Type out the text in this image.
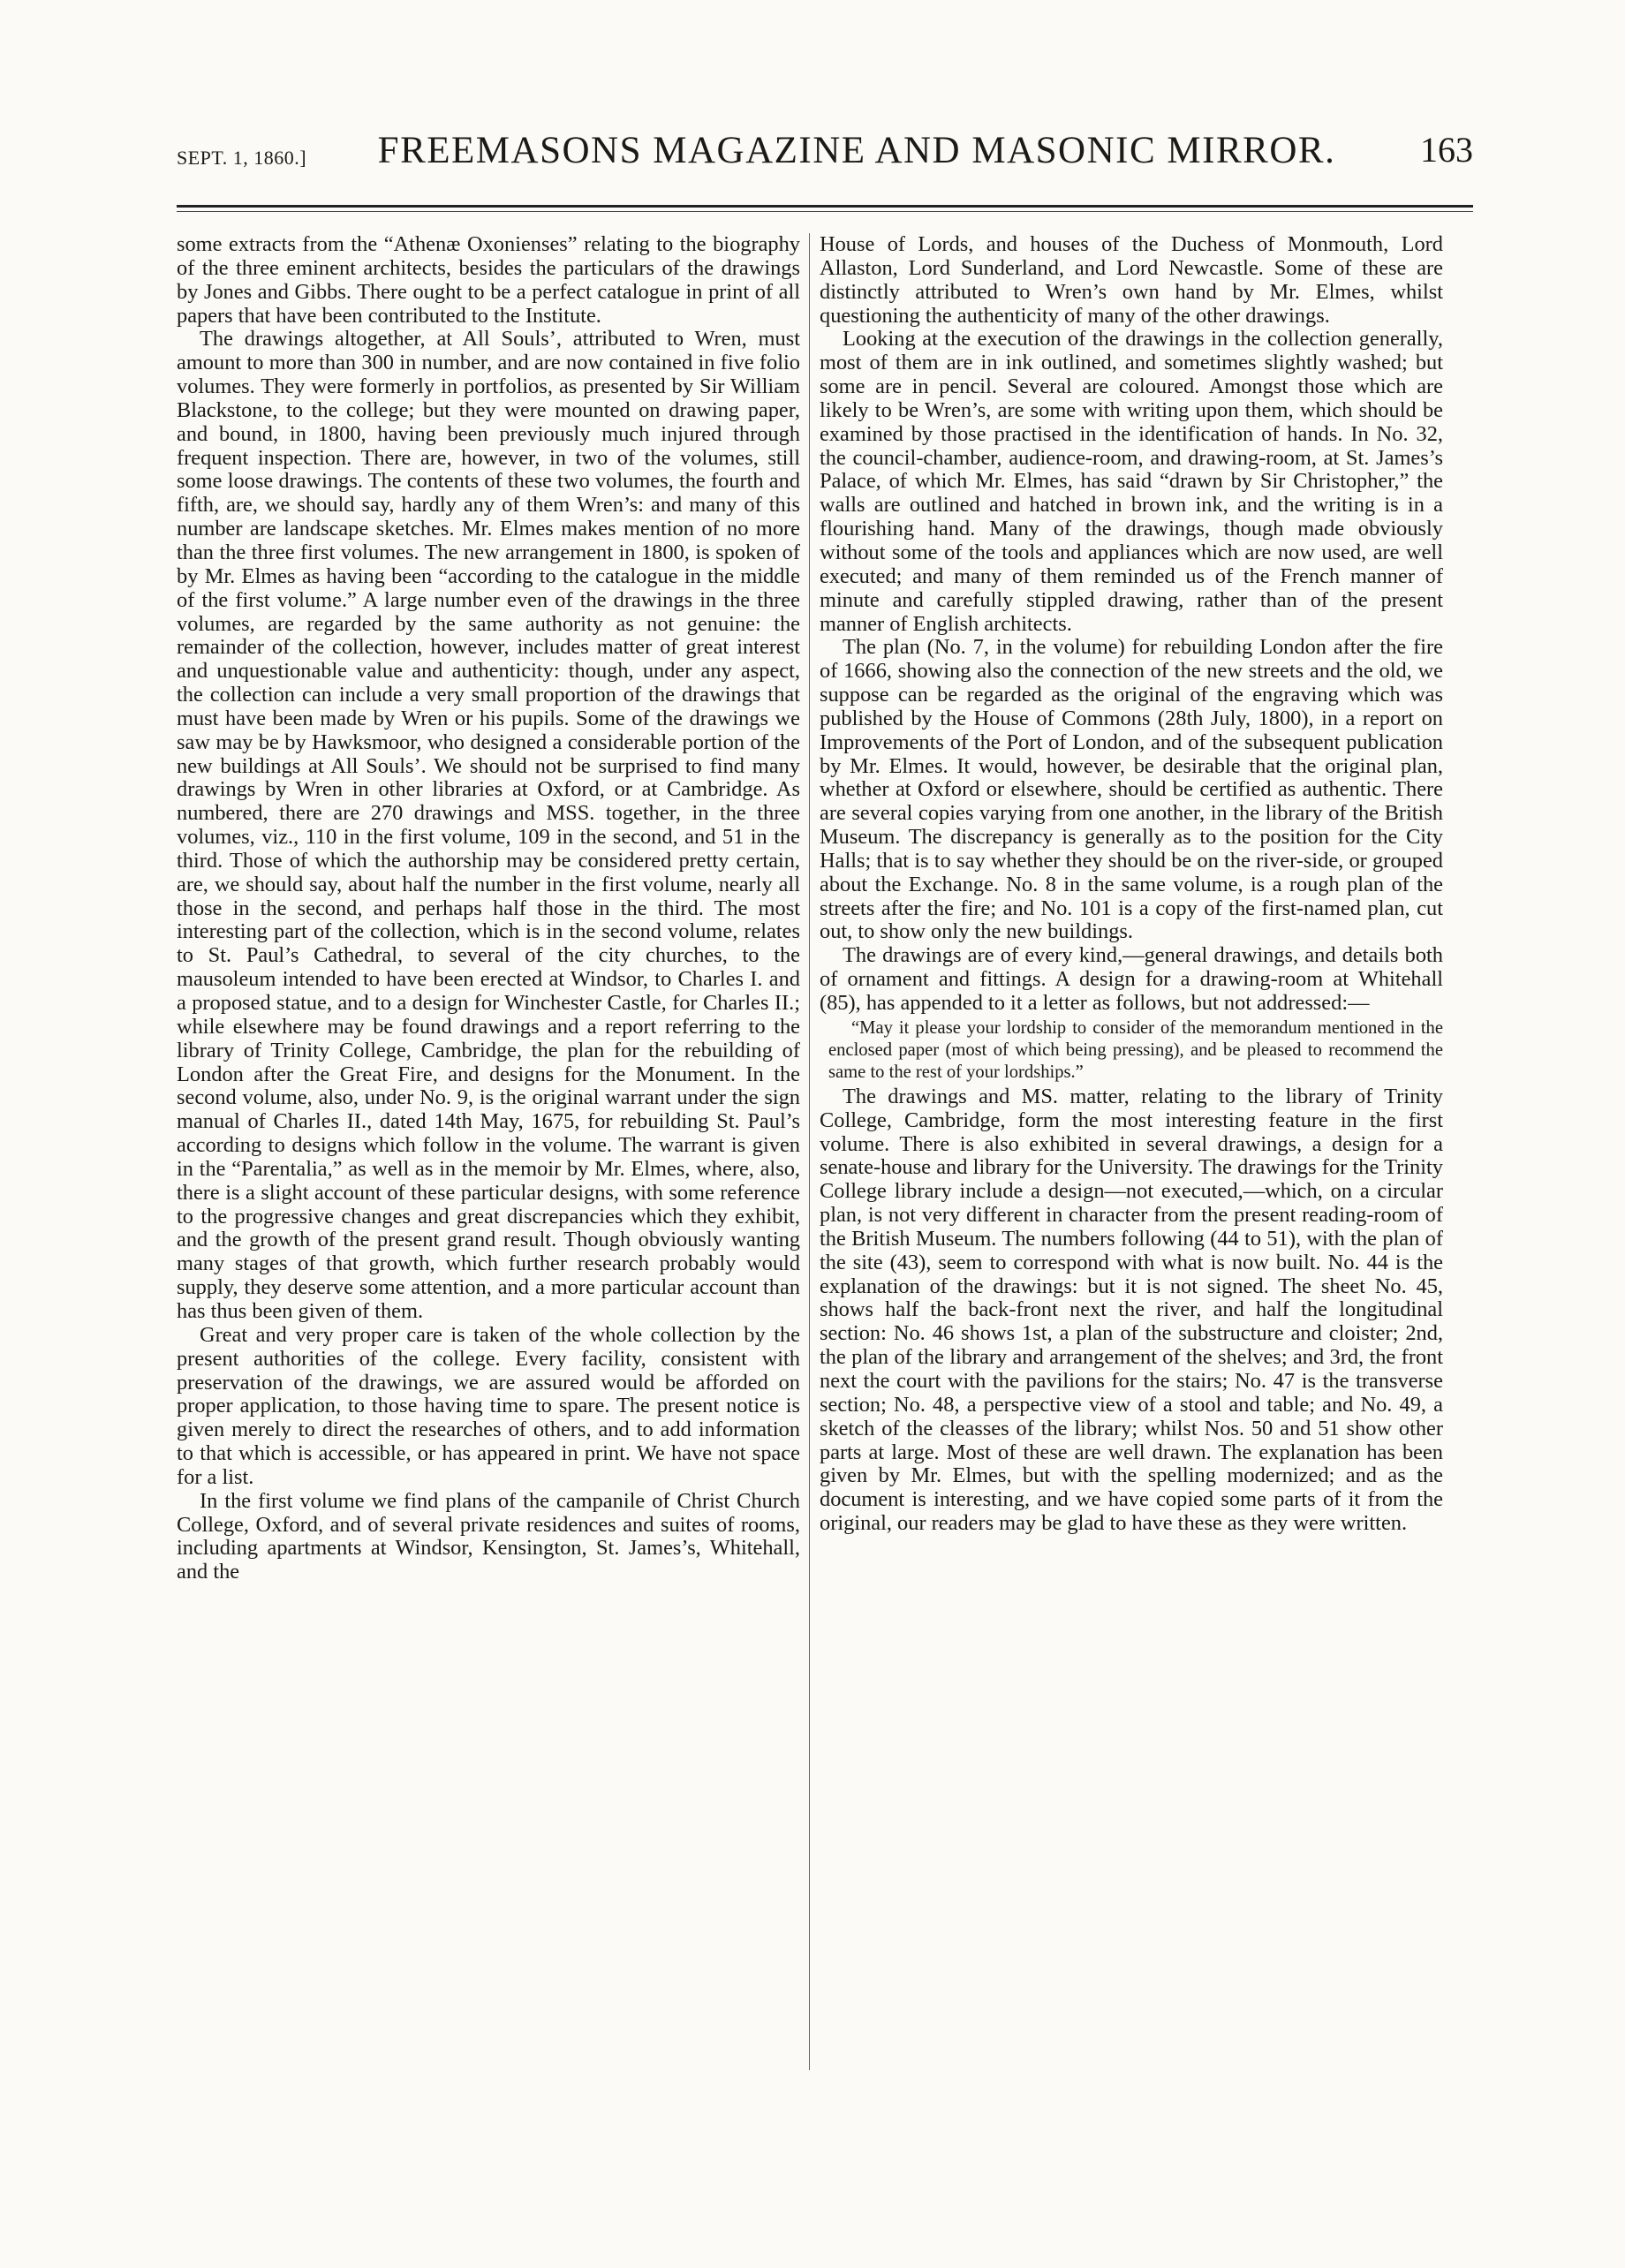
SEPT. 1, 1860.]	FREEMASONS MAGAZINE AND MASONIC MIRROR.	163

some extracts from the “Athenæ Oxonienses” relating to the biography of the three eminent architects, besides the particulars of the drawings by Jones and Gibbs. There ought to be a perfect catalogue in print of all papers that have been contributed to the Institute.

The drawings altogether, at All Souls’, attributed to Wren, must amount to more than 300 in number, and are now contained in five folio volumes. They were formerly in portfolios, as presented by Sir William Blackstone, to the college; but they were mounted on drawing paper, and bound, in 1800, having been previously much injured through frequent inspection. There are, however, in two of the volumes, still some loose drawings. The contents of these two volumes, the fourth and fifth, are, we should say, hardly any of them Wren’s: and many of this number are landscape sketches. Mr. Elmes makes mention of no more than the three first volumes. The new arrangement in 1800, is spoken of by Mr. Elmes as having been “according to the catalogue in the middle of the first volume.” A large number even of the drawings in the three volumes, are regarded by the same authority as not genuine: the remainder of the collection, however, includes matter of great interest and unquestionable value and authenticity: though, under any aspect, the collection can include a very small proportion of the drawings that must have been made by Wren or his pupils. Some of the drawings we saw may be by Hawksmoor, who designed a considerable portion of the new buildings at All Souls’. We should not be surprised to find many drawings by Wren in other libraries at Oxford, or at Cambridge. As numbered, there are 270 drawings and MSS. together, in the three volumes, viz., 110 in the first volume, 109 in the second, and 51 in the third. Those of which the authorship may be considered pretty certain, are, we should say, about half the number in the first volume, nearly all those in the second, and perhaps half those in the third. The most interesting part of the collection, which is in the second volume, relates to St. Paul’s Cathedral, to several of the city churches, to the mausoleum intended to have been erected at Windsor, to Charles I. and a proposed statue, and to a design for Winchester Castle, for Charles II.; while elsewhere may be found drawings and a report referring to the library of Trinity College, Cambridge, the plan for the rebuilding of London after the Great Fire, and designs for the Monument. In the second volume, also, under No. 9, is the original warrant under the sign manual of Charles II., dated 14th May, 1675, for rebuilding St. Paul’s according to designs which follow in the volume. The warrant is given in the “Parentalia,” as well as in the memoir by Mr. Elmes, where, also, there is a slight account of these particular designs, with some reference to the progressive changes and great discrepancies which they exhibit, and the growth of the present grand result. Though obviously wanting many stages of that growth, which further research probably would supply, they deserve some attention, and a more particular account than has thus been given of them.

Great and very proper care is taken of the whole collection by the present authorities of the college. Every facility, consistent with preservation of the drawings, we are assured would be afforded on proper application, to those having time to spare. The present notice is given merely to direct the researches of others, and to add information to that which is accessible, or has appeared in print. We have not space for a list.

In the first volume we find plans of the campanile of Christ Church College, Oxford, and of several private residences and suites of rooms, including apartments at Windsor, Kensington, St. James’s, Whitehall, and the

House of Lords, and houses of the Duchess of Monmouth, Lord Allaston, Lord Sunderland, and Lord Newcastle. Some of these are distinctly attributed to Wren’s own hand by Mr. Elmes, whilst questioning the authenticity of many of the other drawings.

Looking at the execution of the drawings in the collection generally, most of them are in ink outlined, and sometimes slightly washed; but some are in pencil. Several are coloured. Amongst those which are likely to be Wren’s, are some with writing upon them, which should be examined by those practised in the identification of hands. In No. 32, the council-chamber, audience-room, and drawing-room, at St. James’s Palace, of which Mr. Elmes, has said “drawn by Sir Christopher,” the walls are outlined and hatched in brown ink, and the writing is in a flourishing hand. Many of the drawings, though made obviously without some of the tools and appliances which are now used, are well executed; and many of them reminded us of the French manner of minute and carefully stippled drawing, rather than of the present manner of English architects.

The plan (No. 7, in the volume) for rebuilding London after the fire of 1666, showing also the connection of the new streets and the old, we suppose can be regarded as the original of the engraving which was published by the House of Commons (28th July, 1800), in a report on Improvements of the Port of London, and of the subsequent publication by Mr. Elmes. It would, however, be desirable that the original plan, whether at Oxford or elsewhere, should be certified as authentic. There are several copies varying from one another, in the library of the British Museum. The discrepancy is generally as to the position for the City Halls; that is to say whether they should be on the river-side, or grouped about the Exchange. No. 8 in the same volume, is a rough plan of the streets after the fire; and No. 101 is a copy of the first-named plan, cut out, to show only the new buildings.

The drawings are of every kind,—general drawings, and details both of ornament and fittings. A design for a drawing-room at Whitehall (85), has appended to it a letter as follows, but not addressed:—

“May it please your lordship to consider of the memorandum mentioned in the enclosed paper (most of which being pressing), and be pleased to recommend the same to the rest of your lordships.”

The drawings and MS. matter, relating to the library of Trinity College, Cambridge, form the most interesting feature in the first volume. There is also exhibited in several drawings, a design for a senate-house and library for the University. The drawings for the Trinity College library include a design—not executed,—which, on a circular plan, is not very different in character from the present reading-room of the British Museum. The numbers following (44 to 51), with the plan of the site (43), seem to correspond with what is now built. No. 44 is the explanation of the drawings: but it is not signed. The sheet No. 45, shows half the back-front next the river, and half the longitudinal section: No. 46 shows 1st, a plan of the substructure and cloister; 2nd, the plan of the library and arrangement of the shelves; and 3rd, the front next the court with the pavilions for the stairs; No. 47 is the transverse section; No. 48, a perspective view of a stool and table; and No. 49, a sketch of the cleasses of the library; whilst Nos. 50 and 51 show other parts at large. Most of these are well drawn. The explanation has been given by Mr. Elmes, but with the spelling modernized; and as the document is interesting, and we have copied some parts of it from the original, our readers may be glad to have these as they were written.
